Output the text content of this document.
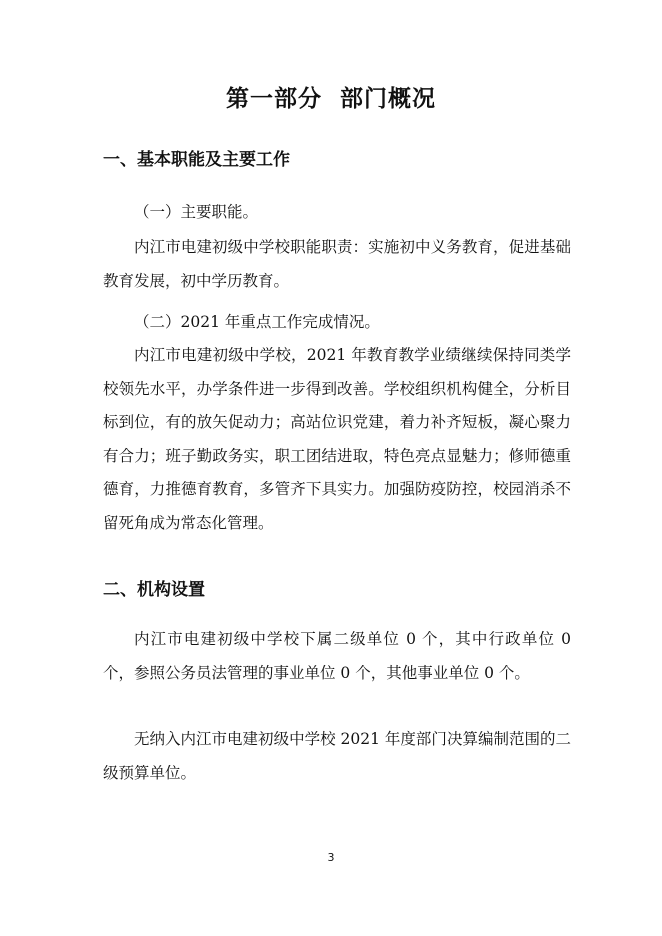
第一部分  部门概况
一、基本职能及主要工作

（一）主要职能。

内江市电建初级中学校职能职责：实施初中义务教育，促进基础教育发展，初中学历教育。

（二）2021 年重点工作完成情况。

内江市电建初级中学校，2021 年教育教学业绩继续保持同类学校领先水平，办学条件进一步得到改善。学校组织机构健全，分析目标到位，有的放矢促动力；高站位识党建，着力补齐短板，凝心聚力有合力；班子勤政务实，职工团结进取，特色亮点显魅力；修师德重德育，力推德育教育，多管齐下具实力。加强防疫防控，校园消杀不留死角成为常态化管理。

二、机构设置

内江市电建初级中学校下属二级单位 0 个，其中行政单位 0 个，参照公务员法管理的事业单位 0 个，其他事业单位 0 个。

无纳入内江市电建初级中学校 2021 年度部门决算编制范围的二级预算单位。

3
